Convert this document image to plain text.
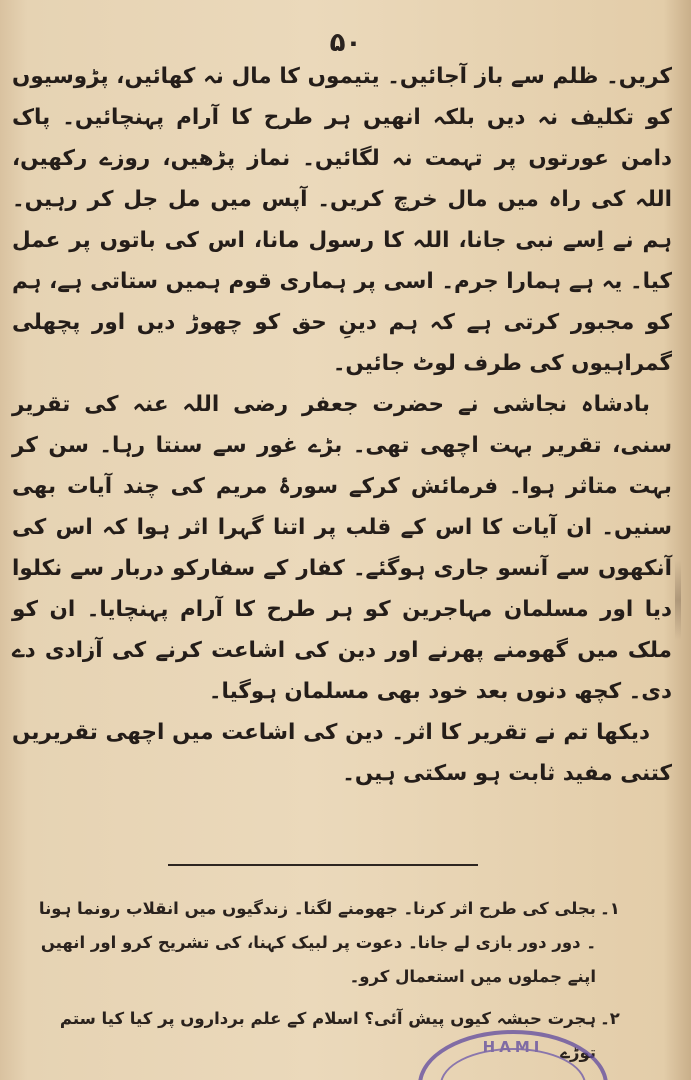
۵۰

کریں۔ ظلم سے باز آجائیں۔ یتیموں کا مال نہ کھائیں، پڑوسیوں کو تکلیف نہ دیں بلکہ انھیں ہر طرح کا آرام پہنچائیں۔ پاک دامن عورتوں پر تہمت نہ لگائیں۔ نماز پڑھیں، روزے رکھیں، اللہ کی راہ میں مال خرچ کریں۔ آپس میں مل جل کر رہیں۔ ہم نے اِسے نبی جانا، اللہ کا رسول مانا، اس کی باتوں پر عمل کیا۔ یہ ہے ہمارا جرم۔ اسی پر ہماری قوم ہمیں ستاتی ہے، ہم کو مجبور کرتی ہے کہ ہم دینِ حق کو چھوڑ دیں اور پچھلی گمراہیوں کی طرف لوٹ جائیں۔

بادشاہ نجاشی نے حضرت جعفر رضی اللہ عنہ کی تقریر سنی، تقریر بہت اچھی تھی۔ بڑے غور سے سنتا رہا۔ سن کر بہت متاثر ہوا۔ فرمائش کرکے سورۂ مریم کی چند آیات بھی سنیں۔ ان آیات کا اس کے قلب پر اتنا گہرا اثر ہوا کہ اس کی آنکھوں سے آنسو جاری ہوگئے۔ کفار کے سفارکو دربار سے نکلوا دیا اور مسلمان مہاجرین کو ہر طرح کا آرام پہنچایا۔ ان کو ملک میں گھومنے پھرنے اور دین کی اشاعت کرنے کی آزادی دے دی۔ کچھ دنوں بعد خود بھی مسلمان ہوگیا۔

دیکھا تم نے تقریر کا اثر۔ دین کی اشاعت میں اچھی تقریریں کتنی مفید ثابت ہو سکتی ہیں۔

۱۔
بجلی کی طرح اثر کرنا۔ جھومنے لگنا۔ زندگیوں میں انقلاب رونما ہونا ۔ دور دور بازی لے جانا۔ دعوت پر لبیک کہنا، کی تشریح کرو اور انھیں اپنے جملوں میں استعمال کرو۔
۲۔
ہجرت حبشہ کیوں پیش آئی؟ اسلام کے علم برداروں پر کیا کیا ستم توڑے
HAMI
